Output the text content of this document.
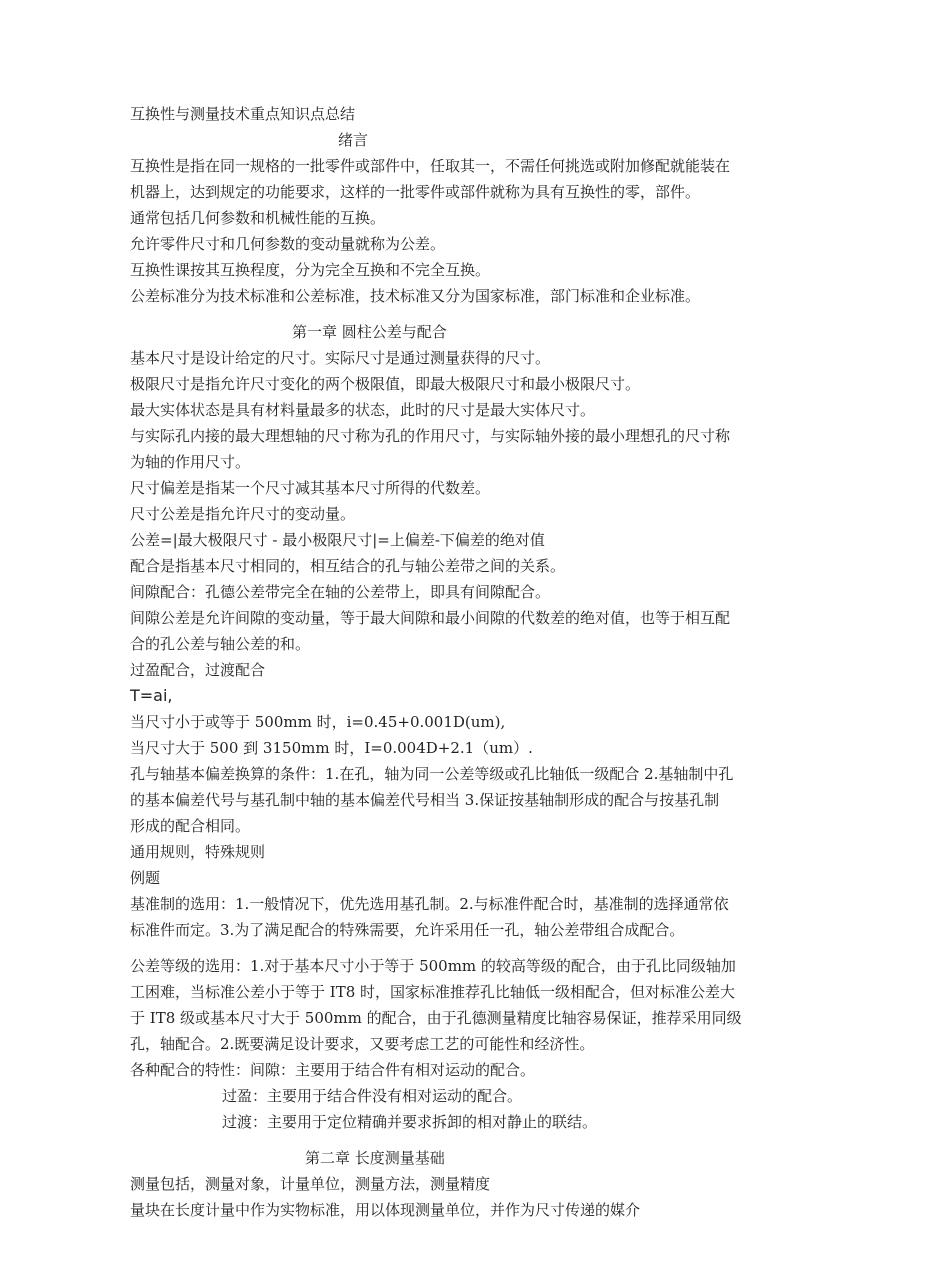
互换性与测量技术重点知识点总结
绪言
互换性是指在同一规格的一批零件或部件中，任取其一，不需任何挑选或附加修配就能装在
机器上，达到规定的功能要求，这样的一批零件或部件就称为具有互换性的零，部件。
通常包括几何参数和机械性能的互换。
允许零件尺寸和几何参数的变动量就称为公差。
互换性课按其互换程度，分为完全互换和不完全互换。
公差标准分为技术标准和公差标准，技术标准又分为国家标准，部门标准和企业标准。
第一章 圆柱公差与配合
基本尺寸是设计给定的尺寸。实际尺寸是通过测量获得的尺寸。
极限尺寸是指允许尺寸变化的两个极限值，即最大极限尺寸和最小极限尺寸。
最大实体状态是具有材料量最多的状态，此时的尺寸是最大实体尺寸。
与实际孔内接的最大理想轴的尺寸称为孔的作用尺寸，与实际轴外接的最小理想孔的尺寸称
为轴的作用尺寸。
尺寸偏差是指某一个尺寸减其基本尺寸所得的代数差。
尺寸公差是指允许尺寸的变动量。
公差=|最大极限尺寸 - 最小极限尺寸|=上偏差-下偏差的绝对值
配合是指基本尺寸相同的，相互结合的孔与轴公差带之间的关系。
间隙配合：孔德公差带完全在轴的公差带上，即具有间隙配合。
间隙公差是允许间隙的变动量，等于最大间隙和最小间隙的代数差的绝对值，也等于相互配
合的孔公差与轴公差的和。
过盈配合，过渡配合
T=ai,
当尺寸小于或等于 500mm 时，i=0.45+0.001D(um),
当尺寸大于 500 到 3150mm 时，I=0.004D+2.1（um）.
孔与轴基本偏差换算的条件：1.在孔，轴为同一公差等级或孔比轴低一级配合 2.基轴制中孔
的基本偏差代号与基孔制中轴的基本偏差代号相当 3.保证按基轴制形成的配合与按基孔制
形成的配合相同。
通用规则，特殊规则
例题
基准制的选用：1.一般情况下，优先选用基孔制。2.与标准件配合时，基准制的选择通常依
标准件而定。3.为了满足配合的特殊需要，允许采用任一孔，轴公差带组合成配合。
公差等级的选用：1.对于基本尺寸小于等于 500mm 的较高等级的配合，由于孔比同级轴加
工困难，当标准公差小于等于 IT8 时，国家标准推荐孔比轴低一级相配合，但对标准公差大
于 IT8 级或基本尺寸大于 500mm 的配合，由于孔德测量精度比轴容易保证，推荐采用同级
孔，轴配合。2.既要满足设计要求，又要考虑工艺的可能性和经济性。
各种配合的特性：间隙：主要用于结合件有相对运动的配合。
过盈：主要用于结合件没有相对运动的配合。
过渡：主要用于定位精确并要求拆卸的相对静止的联结。
第二章 长度测量基础
测量包括，测量对象，计量单位，测量方法，测量精度
量块在长度计量中作为实物标准，用以体现测量单位，并作为尺寸传递的媒介
